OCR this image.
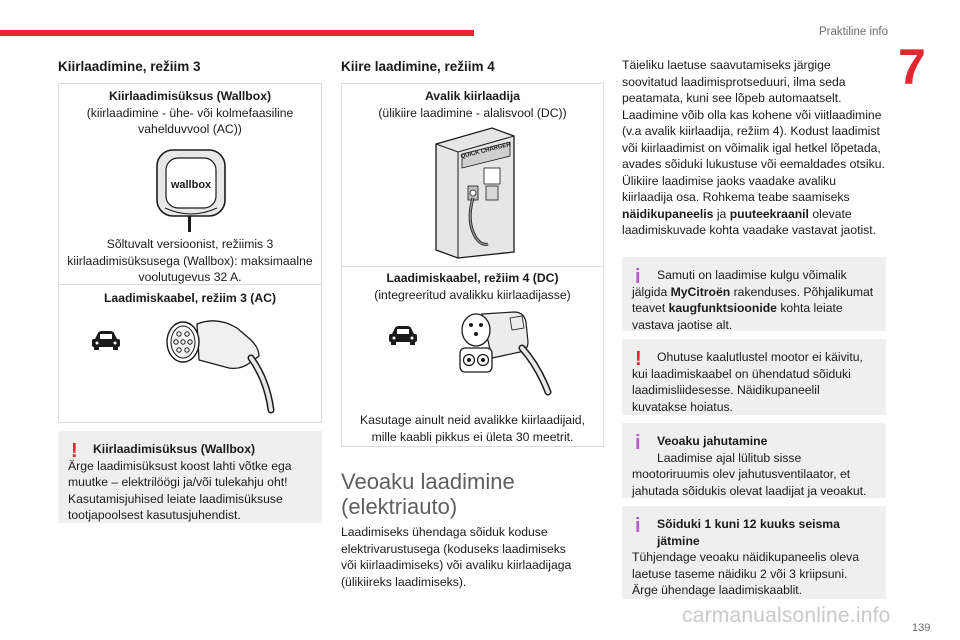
Praktiline info
7
Kiirlaadimine, režiim 3
Kiirlaadimisüksus (Wallbox)
(kiirlaadimine - ühe- või kolmefaasiline vahelduvvool (AC))
wallbox
Sõltuvalt versioonist, režiimis 3 kiirlaadimisüksusega (Wallbox): maksimaalne voolutugevus 32 A.
Laadimiskaabel, režiim 3 (AC)
!	Kiirlaadimisüksus (Wallbox)

Ärge laadimisüksust koost lahti võtke ega muutke – elektrilöögi ja/või tulekahju oht! Kasutamisjuhised leiate laadimisüksuse tootjapoolsest kasutusjuhendist.

Kiire laadimine, režiim 4
Avalik kiirlaadija
(ülikiire laadimine - alalisvool (DC))
QUICK CHARGER
Laadimiskaabel, režiim 4 (DC)
(integreeritud avalikku kiirlaadijasse)
Kasutage ainult neid avalikke kiirlaadijaid, mille kaabli pikkus ei ületa 30 meetrit.
Veoaku laadimine
(elektriauto)
Laadimiseks ühendaga sõiduk koduse elektrivarustusega (koduseks laadimiseks või kiirlaadimiseks) või avaliku kiirlaadijaga (ülikiireks laadimiseks).
Täieliku laetuse saavutamiseks järgige soovitatud laadimisprotseduuri, ilma seda peatamata, kuni see lõpeb automaatselt. Laadimine võib olla kas kohene või viitlaadimine (v.a avalik kiirlaadija, režiim 4). Kodust laadimist või kiirlaadimist on võimalik igal hetkel lõpetada, avades sõiduki lukustuse või eemaldades otsiku. Ülikiire laadimise jaoks vaadake avaliku kiirlaadija osa. Rohkema teabe saamiseks näidikupaneelis ja puuteekraanil olevate laadimiskuvade kohta vaadake vastavat jaotist.
i	Samuti on laadimise kulgu võimalik jälgida MyCitroën rakenduses. Põhjalikumat teavet kaugfunktsioonide kohta leiate vastava jaotise alt.

!	Ohutuse kaalutlustel mootor ei käivitu, kui laadimiskaabel on ühendatud sõiduki laadimisliidesesse. Näidikupaneelil kuvatakse hoiatus.

i	Veoaku jahutamine

Laadimise ajal lülitub sisse mootoriruumis olev jahutusventilaator, et jahutada sõidukis olevat laadijat ja veoakut.

i	Sõiduki 1 kuni 12 kuuks seisma jätmine

Tühjendage veoaku näidikupaneelis oleva laetuse taseme näidiku 2 või 3 kriipsuni. Ärge ühendage laadimiskaablit.

carmanualsonline.info
139
